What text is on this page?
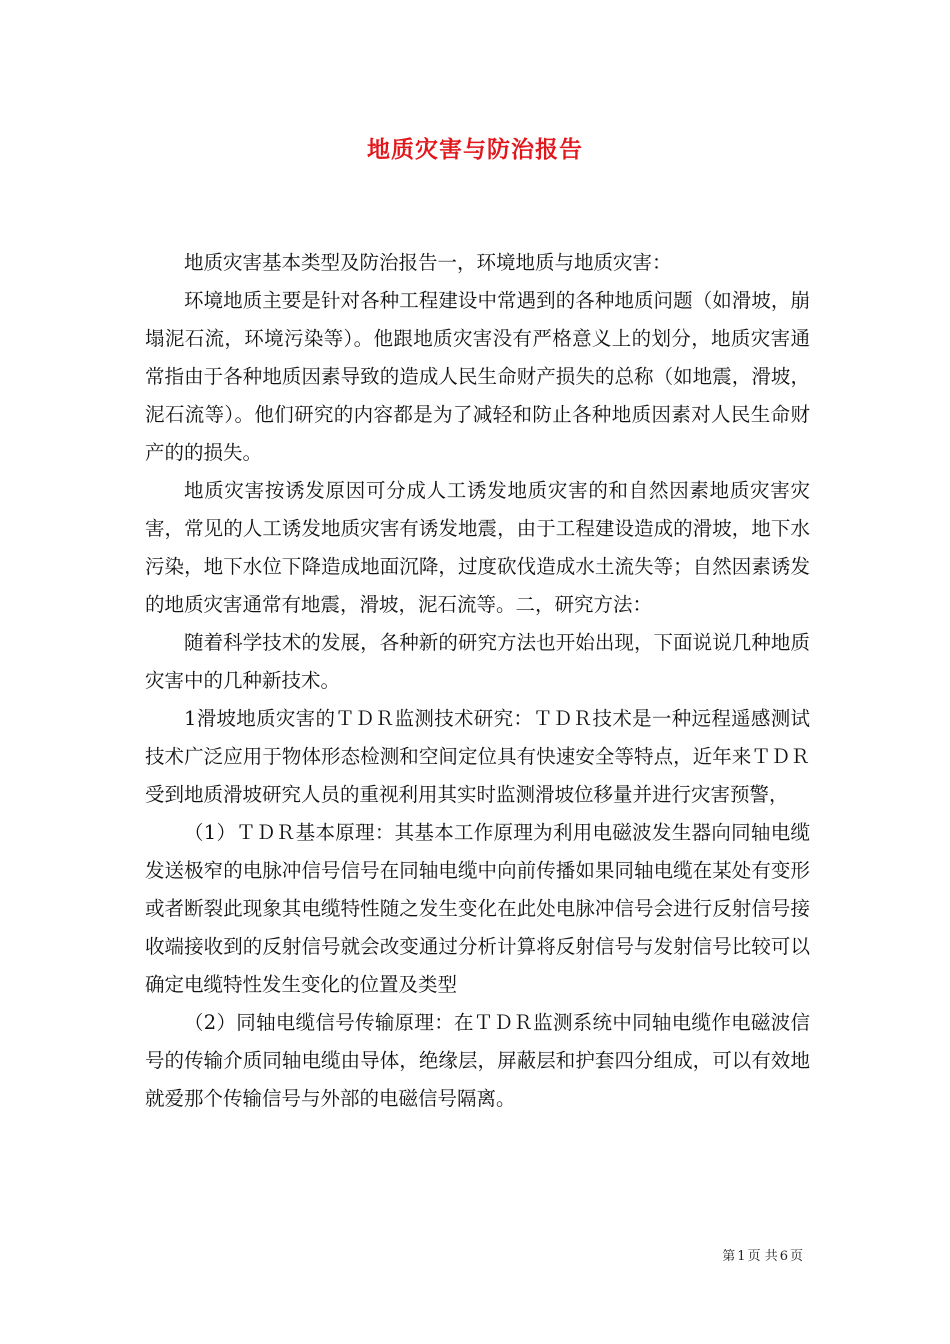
地质灾害与防治报告

地质灾害基本类型及防治报告一，环境地质与地质灾害：

环境地质主要是针对各种工程建设中常遇到的各种地质问题（如滑坡，崩塌泥石流，环境污染等）。他跟地质灾害没有严格意义上的划分，地质灾害通常指由于各种地质因素导致的造成人民生命财产损失的总称（如地震，滑坡，泥石流等）。他们研究的内容都是为了减轻和防止各种地质因素对人民生命财产的的损失。

地质灾害按诱发原因可分成人工诱发地质灾害的和自然因素地质灾害灾害，常见的人工诱发地质灾害有诱发地震，由于工程建设造成的滑坡，地下水污染，地下水位下降造成地面沉降，过度砍伐造成水土流失等；自然因素诱发的地质灾害通常有地震，滑坡，泥石流等。二，研究方法：

随着科学技术的发展，各种新的研究方法也开始出现，下面说说几种地质灾害中的几种新技术。

1滑坡地质灾害的ＴＤＲ监测技术研究：ＴＤＲ技术是一种远程遥感测试技术广泛应用于物体形态检测和空间定位具有快速安全等特点，近年来ＴＤＲ受到地质滑坡研究人员的重视利用其实时监测滑坡位移量并进行灾害预警，

（1）ＴＤＲ基本原理：其基本工作原理为利用电磁波发生器向同轴电缆发送极窄的电脉冲信号信号在同轴电缆中向前传播如果同轴电缆在某处有变形或者断裂此现象其电缆特性随之发生变化在此处电脉冲信号会进行反射信号接收端接收到的反射信号就会改变通过分析计算将反射信号与发射信号比较可以确定电缆特性发生变化的位置及类型

（2）同轴电缆信号传输原理：在ＴＤＲ监测系统中同轴电缆作电磁波信号的传输介质同轴电缆由导体，绝缘层，屏蔽层和护套四分组成，可以有效地就爱那个传输信号与外部的电磁信号隔离。

第 1 页 共 6 页
